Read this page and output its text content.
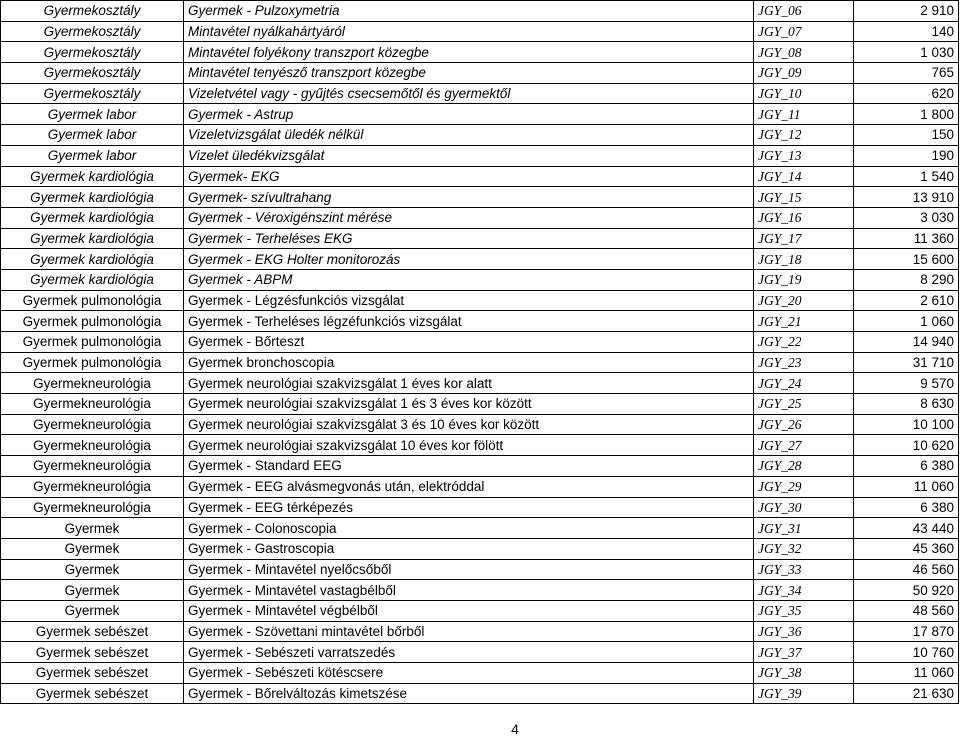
Gyermekosztály	Gyermek - Pulzoxymetria	JGY_06	2 910
Gyermekosztály	Mintavétel nyálkahártyáról	JGY_07	140
Gyermekosztály	Mintavétel folyékony transzport közegbe	JGY_08	1 030
Gyermekosztály	Mintavétel tenyésző transzport közegbe	JGY_09	765
Gyermekosztály	Vizeletvétel vagy - gyűjtés csecsemőtől és gyermektől	JGY_10	620
Gyermek labor	Gyermek - Astrup	JGY_11	1 800
Gyermek labor	Vizeletvizsgálat üledék nélkül	JGY_12	150
Gyermek labor	Vizelet üledékvizsgálat	JGY_13	190
Gyermek kardiológia	Gyermek- EKG	JGY_14	1 540
Gyermek kardiológia	Gyermek- szívultrahang	JGY_15	13 910
Gyermek kardiológia	Gyermek - Véroxigénszint mérése	JGY_16	3 030
Gyermek kardiológia	Gyermek - Terheléses EKG	JGY_17	11 360
Gyermek kardiológia	Gyermek - EKG Holter monitorozás	JGY_18	15 600
Gyermek kardiológia	Gyermek - ABPM	JGY_19	8 290
Gyermek pulmonológia	Gyermek - Légzésfunkciós vizsgálat	JGY_20	2 610
Gyermek pulmonológia	Gyermek - Terheléses légzéfunkciós vizsgálat	JGY_21	1 060
Gyermek pulmonológia	Gyermek - Bőrteszt	JGY_22	14 940
Gyermek pulmonológia	Gyermek bronchoscopia	JGY_23	31 710
Gyermekneurológia	Gyermek neurológiai szakvizsgálat 1 éves kor alatt	JGY_24	9 570
Gyermekneurológia	Gyermek neurológiai szakvizsgálat 1 és 3 éves kor között	JGY_25	8 630
Gyermekneurológia	Gyermek neurológiai szakvizsgálat 3 és 10 éves kor között	JGY_26	10 100
Gyermekneurológia	Gyermek neurológiai szakvizsgálat 10 éves kor fölött	JGY_27	10 620
Gyermekneurológia	Gyermek - Standard EEG	JGY_28	6 380
Gyermekneurológia	Gyermek - EEG alvásmegvonás után, elektróddal	JGY_29	11 060
Gyermekneurológia	Gyermek - EEG térképezés	JGY_30	6 380
Gyermek	Gyermek - Colonoscopia	JGY_31	43 440
Gyermek	Gyermek - Gastroscopia	JGY_32	45 360
Gyermek	Gyermek - Mintavétel nyelőcsőből	JGY_33	46 560
Gyermek	Gyermek - Mintavétel vastagbélből	JGY_34	50 920
Gyermek	Gyermek - Mintavétel végbélből	JGY_35	48 560
Gyermek sebészet	Gyermek - Szövettani mintavétel bőrből	JGY_36	17 870
Gyermek sebészet	Gyermek - Sebészeti varratszedés	JGY_37	10 760
Gyermek sebészet	Gyermek - Sebészeti kötéscsere	JGY_38	11 060
Gyermek sebészet	Gyermek - Bőrelváltozás kimetszése	JGY_39	21 630
4
